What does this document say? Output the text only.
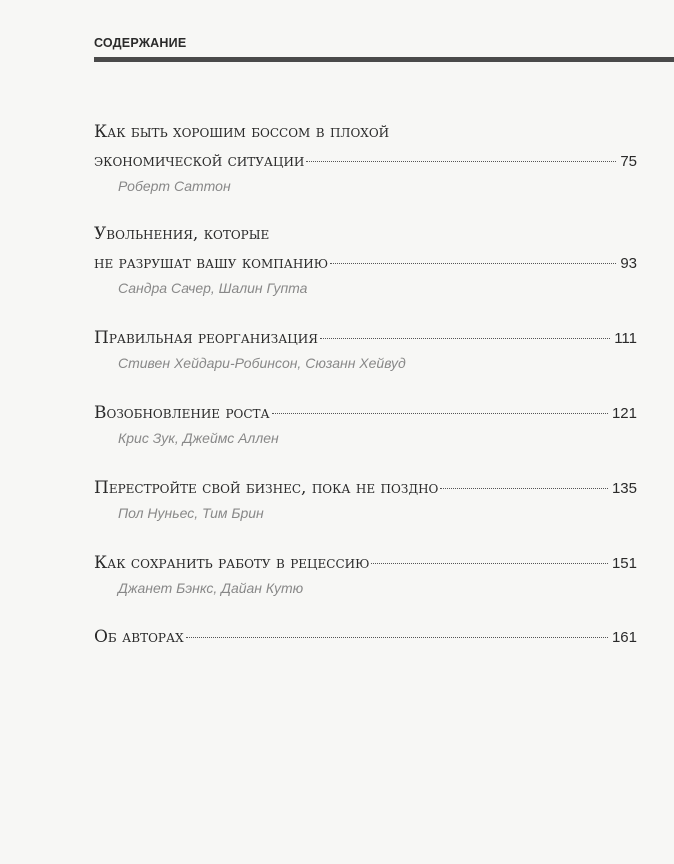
СОДЕРЖАНИЕ
Как быть хорошим боссом в плохой
экономической ситуации	75
Роберт Саттон
Увольнения, которые
не разрушат вашу компанию	93
Сандра Сачер, Шалин Гупта
Правильная реорганизация	111
Стивен Хейдари-Робинсон, Сюзанн Хейвуд
Возобновление роста	121
Крис Зук, Джеймс Аллен
Перестройте свой бизнес, пока не поздно	135
Пол Нуньес, Тим Брин
Как сохранить работу в рецессию	151
Джанет Бэнкс, Дайан Кутю
Об авторах	161
